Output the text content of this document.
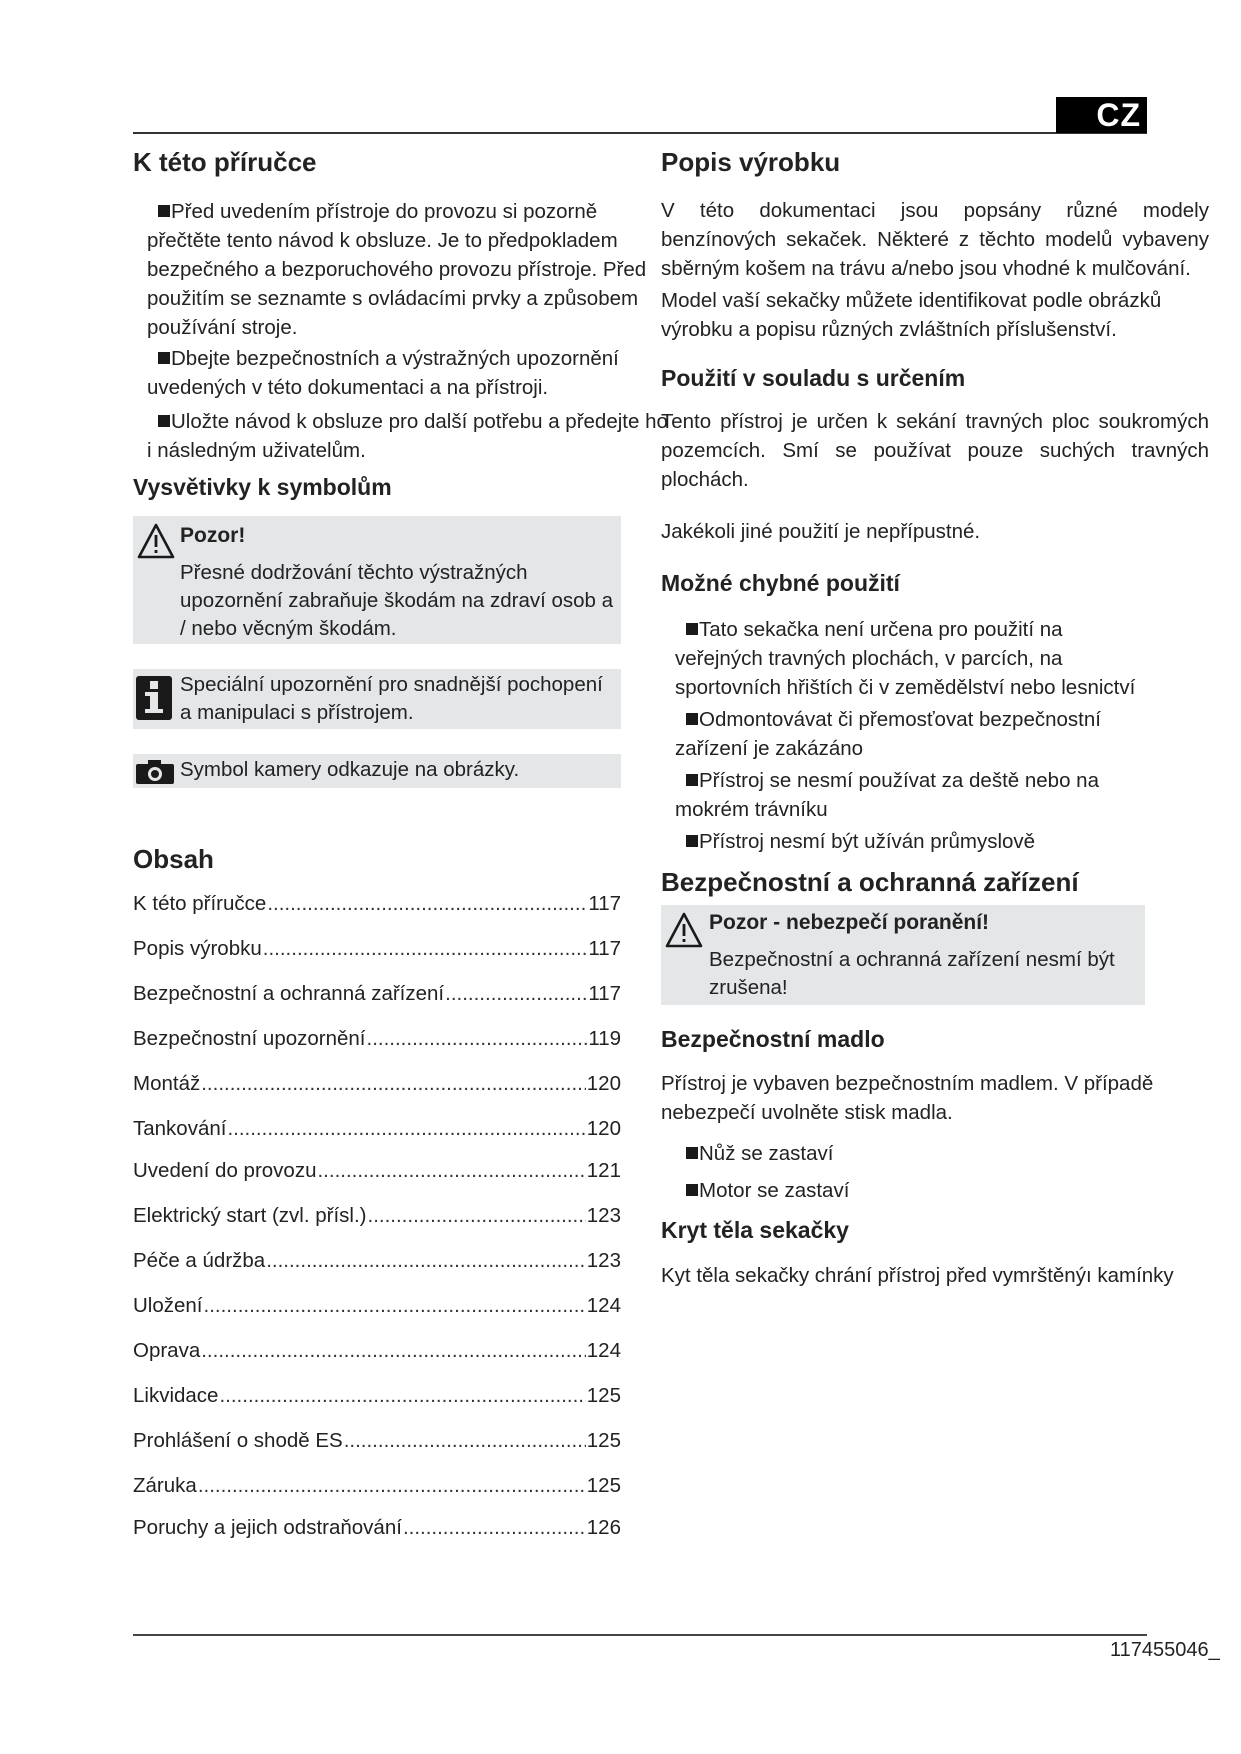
CZ
K této příručce
Před uvedením přístroje do provozu si pozorně přečtěte tento návod k obsluze. Je to předpokladem bezpečného a bezporuchového provozu přístroje. Před použitím se seznamte s ovládacími prvky a způsobem používání stroje.
Dbejte bezpečnostních a výstražných upozornění uvedených v této dokumentaci a na přístroji.
Uložte návod k obsluze pro další potřebu a předejte ho i následným uživatelům.
Vysvětivky k symbolům
Pozor!
Přesné dodržování těchto výstražných upozornění zabraňuje škodám na zdraví osob a / nebo věcným škodám.
Speciální upozornění pro snadnější pochopení a manipulaci s přístrojem.
Symbol kamery odkazuje na obrázky.
Obsah
K této příručce .....	117
Popis výrobku .....	117
Bezpečnostní a ochranná zařízení .....	117
Bezpečnostní upozornění .....	119
Montáž .....	120
Tankování .....	120
Uvedení do provozu .....	121
Elektrický start (zvl. přísl.) .....	123
Péče a údržba .....	123
Uložení .....	124
Oprava .....	124
Likvidace .....	125
Prohlášení o shodě ES .....	125
Záruka .....	125
Poruchy a jejich odstraňování .....	126
Popis výrobku

V této dokumentaci jsou popsány různé modely benzínových sekaček. Některé z těchto modelů vybaveny sběrným košem na trávu a/nebo jsou vhodné k mulčování.

Model vaší sekačky můžete identifikovat podle obrázků výrobku a popisu různých zvláštních příslušenství.

Použití v souladu s určením

Tento přístroj je určen k sekání travných ploc soukromých pozemcích. Smí se používat pouze suchých travných plochách.

Jakékoli jiné použití je nepřípustné.

Možné chybné použití
Tato sekačka není určena pro použití na veřejných travných plochách, v parcích, na sportovních hřištích či v zemědělství nebo lesnictví
Odmontovávat či přemosťovat bezpečnostní zařízení je zakázáno
Přístroj se nesmí používat za deště nebo na mokrém trávníku
Přístroj nesmí být užíván průmyslově
Bezpečnostní a ochranná zařízení
Pozor - nebezpečí poranění!
Bezpečnostní a ochranná zařízení nesmí být zrušena!
Bezpečnostní madlo

Přístroj je vybaven bezpečnostním madlem. V případě nebezpečí uvolněte stisk madla.

Nůž se zastaví
Motor se zastaví
Kryt těla sekačky

Kyt těla sekačky chrání přístroj před vymrštěnýı kamínky

117455046_
